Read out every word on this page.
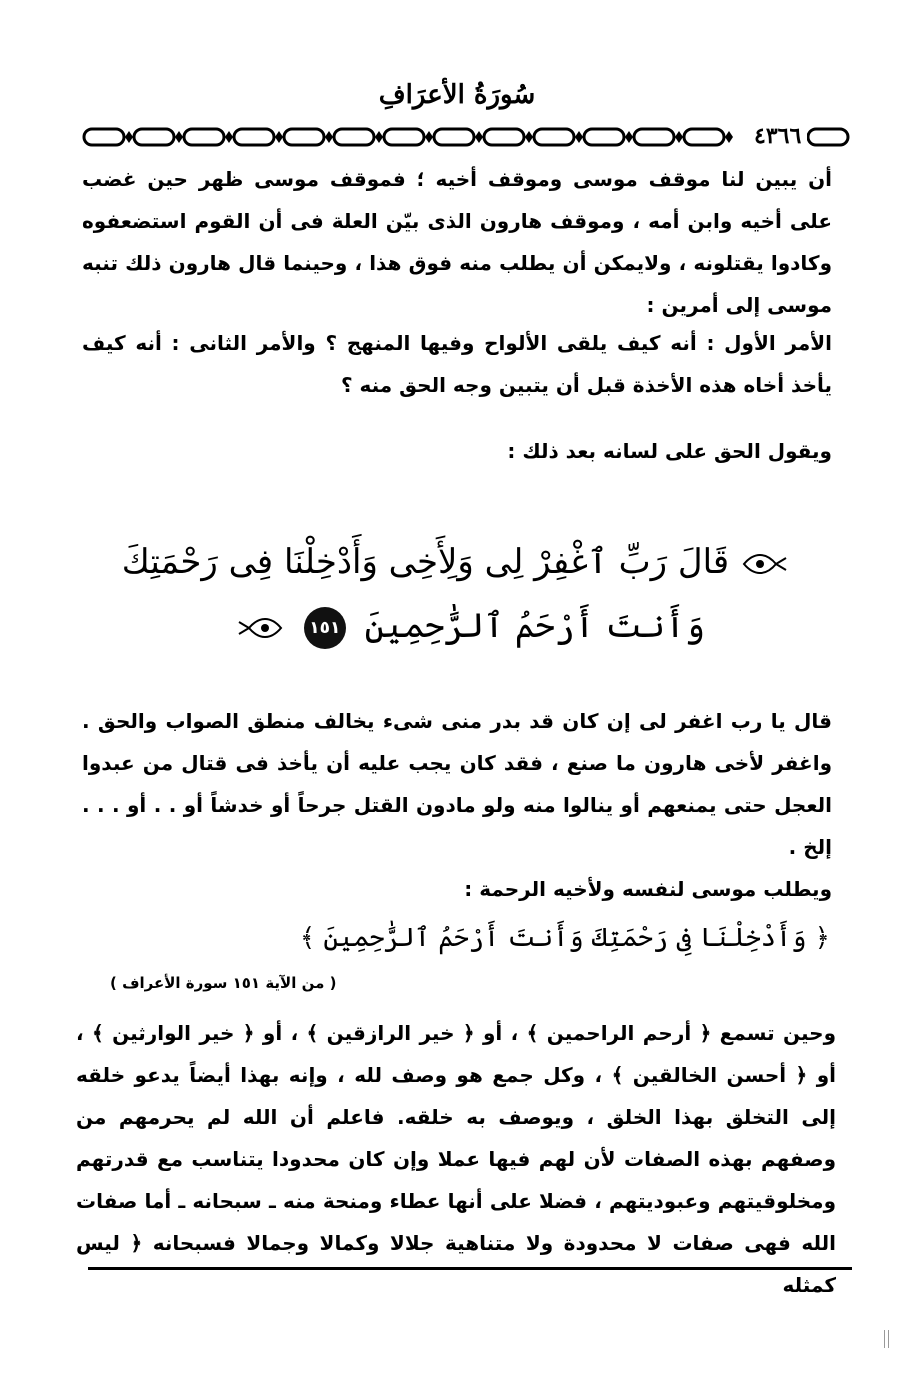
سُورَةُ الأعرَافِ
٤٣٦٦

أن يبين لنا موقف موسى وموقف أخيه ؛ فموقف موسى ظهر حين غضب على أخيه وابن أمه ، وموقف هارون الذى بيّن العلة فى أن القوم استضعفوه وكادوا يقتلونه ، ولايمكن أن يطلب منه فوق هذا ، وحينما قال هارون ذلك تنبه موسى إلى أمرين :

الأمر الأول : أنه كيف يلقى الألواح وفيها المنهج ؟ والأمر الثانى : أنه كيف يأخذ أخاه هذه الأخذة قبل أن يتبين وجه الحق منه ؟

ويقول الحق على لسانه بعد ذلك :

قَالَ رَبِّ ٱغْفِرْ لِى وَلِأَخِى وَأَدْخِلْنَا فِى رَحْمَتِكَ
وَأَنتَ أَرْحَمُ ٱلرَّٰحِمِينَ ١٥١

قال يا رب اغفر لى إن كان قد بدر منى شىء يخالف منطق الصواب والحق . واغفر لأخى هارون ما صنع ، فقد كان يجب عليه أن يأخذ فى قتال من عبدوا العجل حتى يمنعهم أو ينالوا منه ولو مادون القتل جرحاً أو خدشاً أو . . أو . . . إلخ .

ويطلب موسى لنفسه ولأخيه الرحمة :

﴿ وَأَدْخِلْنَا فِى رَحْمَتِكَ وَأَنتَ أَرْحَمُ ٱلرَّٰحِمِينَ ﴾
( من الآية ١٥١ سورة الأعراف )

وحين تسمع ﴿ أرحم الراحمين ﴾ ، أو ﴿ خير الرازقين ﴾ ، أو ﴿ خير الوارثين ﴾ ، أو ﴿ أحسن الخالقين ﴾ ، وكل جمع هو وصف لله ، وإنه بهذا أيضاً يدعو خلقه إلى التخلق بهذا الخلق ، ويوصف به خلقه. فاعلم أن الله لم يحرمهم من وصفهم بهذه الصفات لأن لهم فيها عملا وإن كان محدودا يتناسب مع قدرتهم ومخلوقيتهم وعبوديتهم ، فضلا على أنها عطاء ومنحة منه ـ سبحانه ـ أما صفات الله فهى صفات لا محدودة ولا متناهية جلالا وكمالا وجمالا فسبحانه ﴿ ليس كمثله
